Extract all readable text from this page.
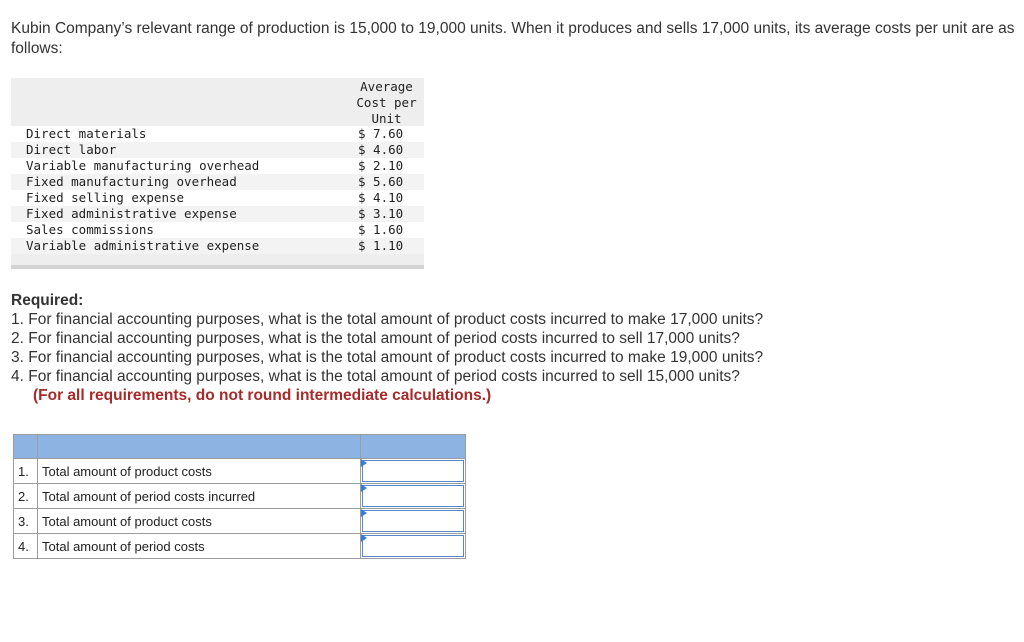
Kubin Company’s relevant range of production is 15,000 to 19,000 units. When it produces and sells 17,000 units, its average costs per unit are as follows:
Average
Cost per
Unit
Direct materials	$ 7.60
Direct labor	$ 4.60
Variable manufacturing overhead	$ 2.10
Fixed manufacturing overhead	$ 5.60
Fixed selling expense	$ 4.10
Fixed administrative expense	$ 3.10
Sales commissions	$ 1.60
Variable administrative expense	$ 1.10
Required:
1. For financial accounting purposes, what is the total amount of product costs incurred to make 17,000 units?
2. For financial accounting purposes, what is the total amount of period costs incurred to sell 17,000 units?
3. For financial accounting purposes, what is the total amount of product costs incurred to make 19,000 units?
4. For financial accounting purposes, what is the total amount of period costs incurred to sell 15,000 units?
(For all requirements, do not round intermediate calculations.)

1.	Total amount of product costs	

2.	Total amount of period costs incurred	

3.	Total amount of product costs	

4.	Total amount of period costs	
